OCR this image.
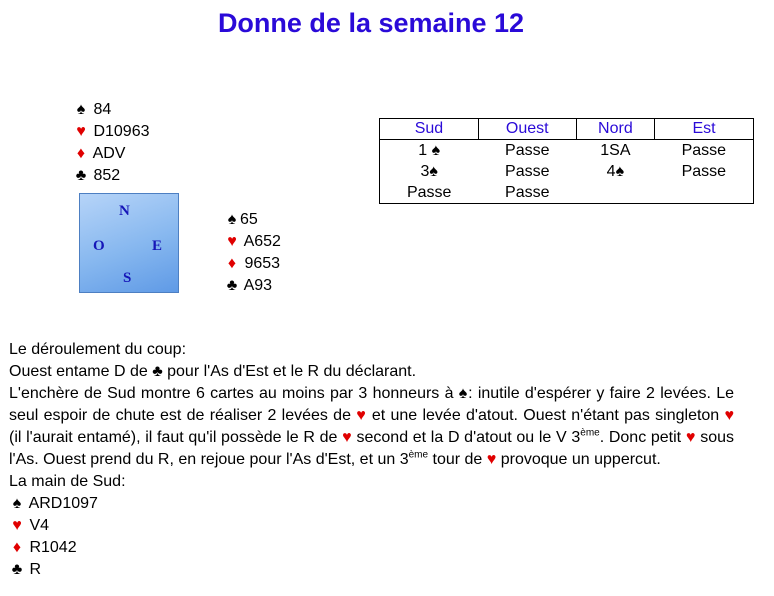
Donne de la semaine 12
♠ 84
♥ D10963
♦ ADV
♣ 852
N
O	E
S
♠ 65
♥ A652
♦ 9653
♣ A93
Sud	Ouest	Nord	Est
1 ♠	Passe	1SA	Passe
3♠	Passe	4♠	Passe
Passe	Passe		

Le déroulement du coup:

Ouest entame D de ♣ pour l'As d'Est et le R du déclarant.

L'enchère de Sud montre 6 cartes au moins par 3 honneurs à ♠: inutile d'espérer y faire 2 levées. Le seul espoir de chute est de réaliser 2 levées de ♥ et une levée d'atout. Ouest n'étant pas singleton ♥ (il l'aurait entamé), il faut qu'il possède le R de ♥ second et la D d'atout ou le V 3ème. Donc petit ♥ sous l'As. Ouest prend du R, en rejoue pour l'As d'Est, et un 3ème tour de ♥ provoque un uppercut.

La main de Sud:

♠ ARD1097
♥ V4
♦ R1042
♣ R
